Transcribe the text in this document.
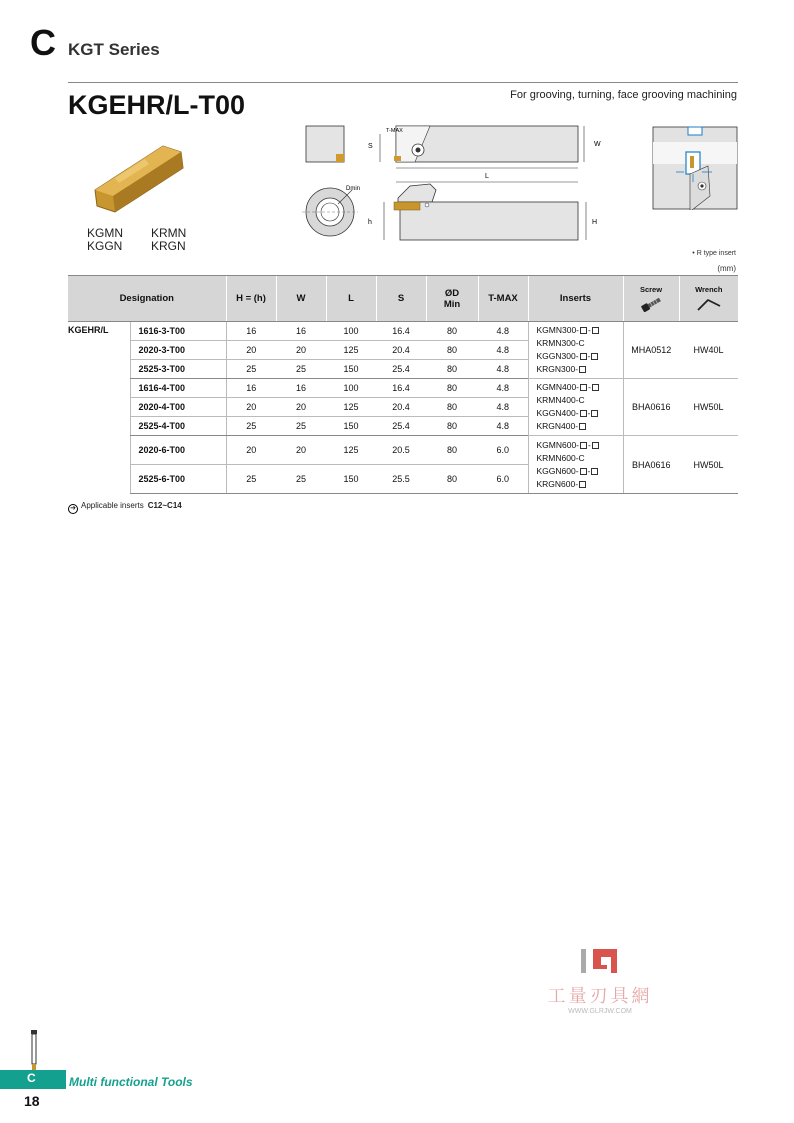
C KGT Series
KGEHR/L-T00	For grooving, turning, face grooving machining
KGMN
KGGNKRMN
KRGN
L
W
S
T-MAX
Dmin
h	H
• R type insert
(mm)
Designation		H = (h)	W	L	S	ØD
Min	T-MAX	Inserts	Screw	Wrench

KGEHR/L	1616-3-T00	16	16	100	16.4	80	4.8	KGMN300- -
KRMN300-C
KGGN300- -
KRGN300-	MHA0512	HW40L
	2020-3-T00	20	20	125	20.4	80	4.8			
	2525-3-T00	25	25	150	25.4	80	4.8			
	1616-4-T00	16	16	100	16.4	80	4.8	KGMN400- -
KRMN400-C
KGGN400- -
KRGN400-	BHA0616	HW50L
	2020-4-T00	20	20	125	20.4	80	4.8			
	2525-4-T00	25	25	150	25.4	80	4.8			
	2020-6-T00	20	20	125	20.5	80	6.0	KGMN600- -
KRMN600-C
KGGN600- -
KRGN600-	BHA0616	HW50L
	2525-6-T00	25	25	150	25.5	80	6.0			
➔ Applicable inserts C12~C14
工量刃具網
WWW.GLRJW.COM
C	Multi functional Tools
18
